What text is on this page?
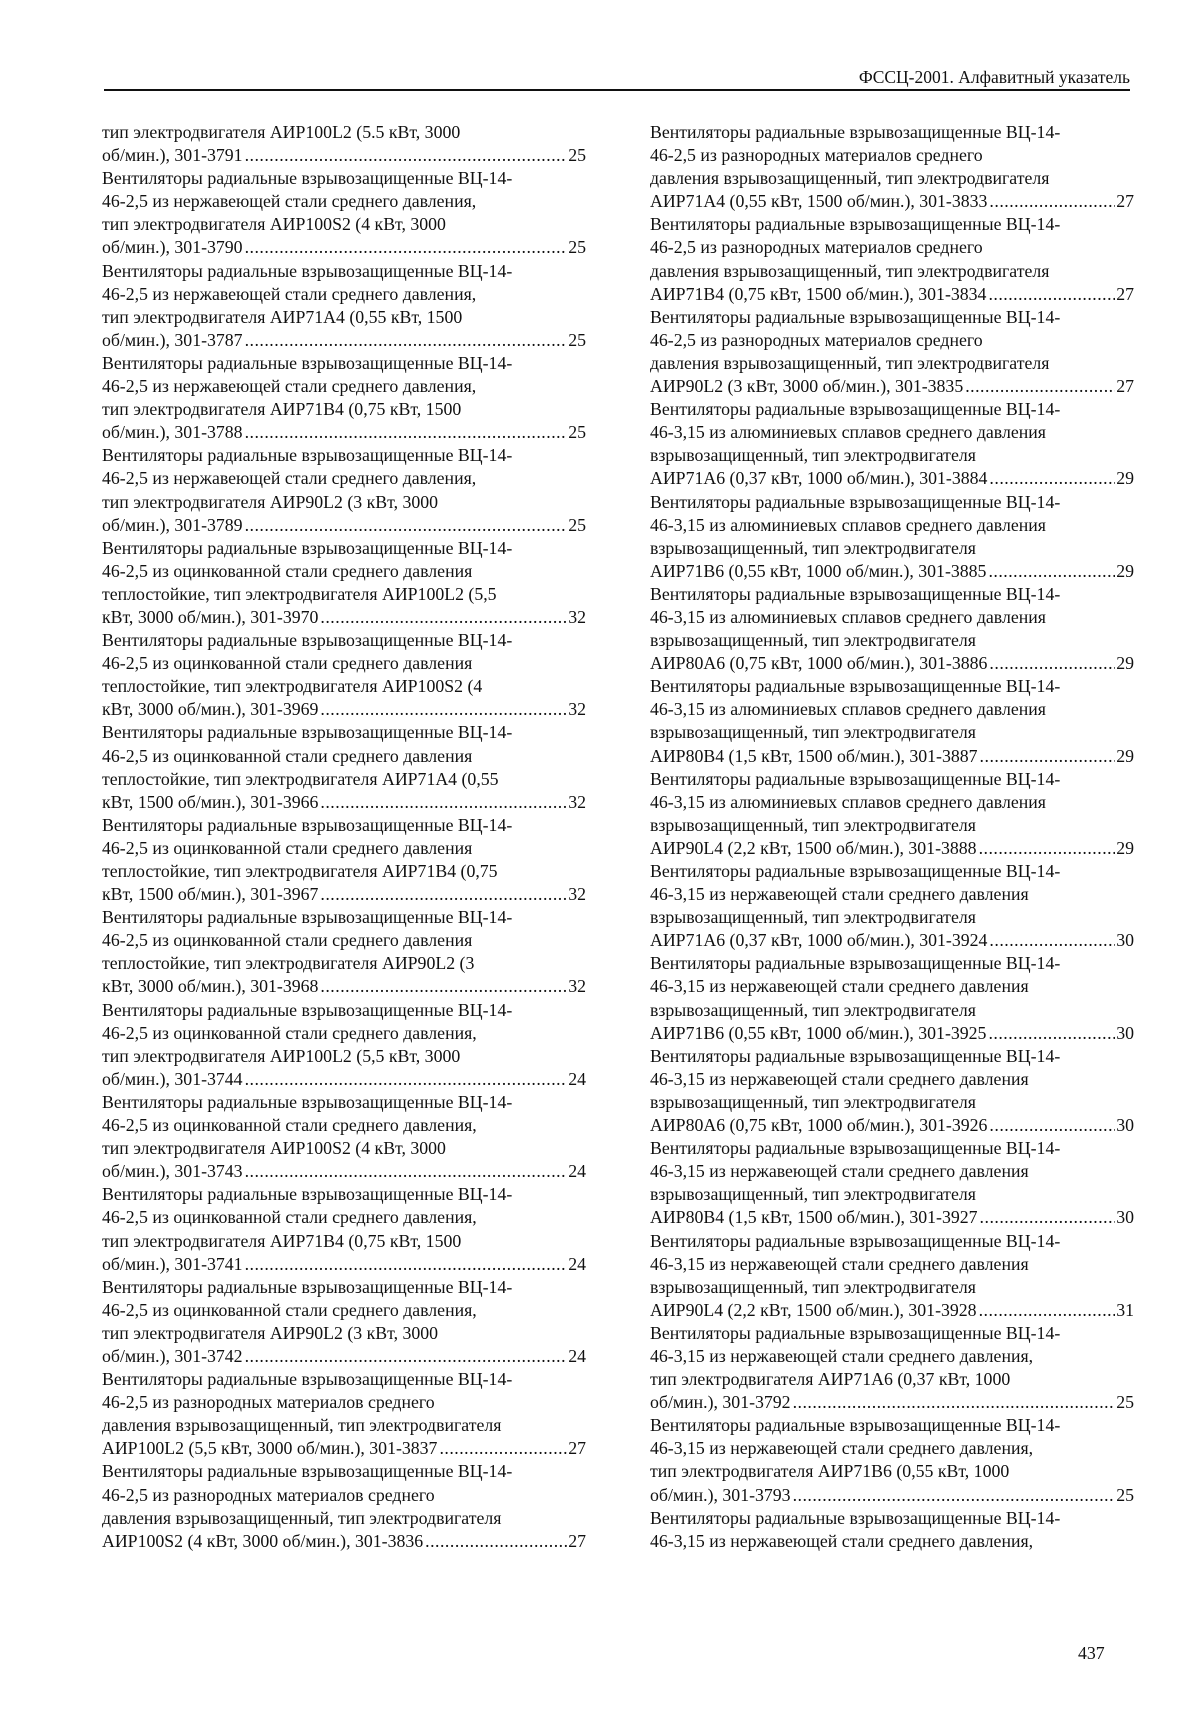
ФССЦ-2001. Алфавитный указатель
тип электродвигателя АИР100L2 (5.5 кВт, 3000
об/мин.), 301-3791 .....	25
Вентиляторы радиальные взрывозащищенные ВЦ-14-
46-2,5 из нержавеющей стали среднего давления,
тип электродвигателя АИР100S2 (4 кВт, 3000
об/мин.), 301-3790 .....	25
Вентиляторы радиальные взрывозащищенные ВЦ-14-
46-2,5 из нержавеющей стали среднего давления,
тип электродвигателя АИР71А4 (0,55 кВт, 1500
об/мин.), 301-3787 .....	25
Вентиляторы радиальные взрывозащищенные ВЦ-14-
46-2,5 из нержавеющей стали среднего давления,
тип электродвигателя АИР71В4 (0,75 кВт, 1500
об/мин.), 301-3788 .....	25
Вентиляторы радиальные взрывозащищенные ВЦ-14-
46-2,5 из нержавеющей стали среднего давления,
тип электродвигателя АИР90L2 (3 кВт, 3000
об/мин.), 301-3789 .....	25
Вентиляторы радиальные взрывозащищенные ВЦ-14-
46-2,5 из оцинкованной стали среднего давления
теплостойкие, тип электродвигателя АИР100L2 (5,5
кВт, 3000 об/мин.), 301-3970 .....	32
Вентиляторы радиальные взрывозащищенные ВЦ-14-
46-2,5 из оцинкованной стали среднего давления
теплостойкие, тип электродвигателя АИР100S2 (4
кВт, 3000 об/мин.), 301-3969 .....	32
Вентиляторы радиальные взрывозащищенные ВЦ-14-
46-2,5 из оцинкованной стали среднего давления
теплостойкие, тип электродвигателя АИР71А4 (0,55
кВт, 1500 об/мин.), 301-3966 .....	32
Вентиляторы радиальные взрывозащищенные ВЦ-14-
46-2,5 из оцинкованной стали среднего давления
теплостойкие, тип электродвигателя АИР71В4 (0,75
кВт, 1500 об/мин.), 301-3967 .....	32
Вентиляторы радиальные взрывозащищенные ВЦ-14-
46-2,5 из оцинкованной стали среднего давления
теплостойкие, тип электродвигателя АИР90L2 (3
кВт, 3000 об/мин.), 301-3968 .....	32
Вентиляторы радиальные взрывозащищенные ВЦ-14-
46-2,5 из оцинкованной стали среднего давления,
тип электродвигателя АИР100L2 (5,5 кВт, 3000
об/мин.), 301-3744 .....	24
Вентиляторы радиальные взрывозащищенные ВЦ-14-
46-2,5 из оцинкованной стали среднего давления,
тип электродвигателя АИР100S2 (4 кВт, 3000
об/мин.), 301-3743 .....	24
Вентиляторы радиальные взрывозащищенные ВЦ-14-
46-2,5 из оцинкованной стали среднего давления,
тип электродвигателя АИР71В4 (0,75 кВт, 1500
об/мин.), 301-3741 .....	24
Вентиляторы радиальные взрывозащищенные ВЦ-14-
46-2,5 из оцинкованной стали среднего давления,
тип электродвигателя АИР90L2 (3 кВт, 3000
об/мин.), 301-3742 .....	24
Вентиляторы радиальные взрывозащищенные ВЦ-14-
46-2,5 из разнородных материалов среднего
давления взрывозащищенный, тип электродвигателя
АИР100L2 (5,5 кВт, 3000 об/мин.), 301-3837 .....	27
Вентиляторы радиальные взрывозащищенные ВЦ-14-
46-2,5 из разнородных материалов среднего
давления взрывозащищенный, тип электродвигателя
АИР100S2 (4 кВт, 3000 об/мин.), 301-3836 .....	27
Вентиляторы радиальные взрывозащищенные ВЦ-14-
46-2,5 из разнородных материалов среднего
давления взрывозащищенный, тип электродвигателя
АИР71А4 (0,55 кВт, 1500 об/мин.), 301-3833 .....	27
Вентиляторы радиальные взрывозащищенные ВЦ-14-
46-2,5 из разнородных материалов среднего
давления взрывозащищенный, тип электродвигателя
АИР71В4 (0,75 кВт, 1500 об/мин.), 301-3834 .....	27
Вентиляторы радиальные взрывозащищенные ВЦ-14-
46-2,5 из разнородных материалов среднего
давления взрывозащищенный, тип электродвигателя
АИР90L2 (3 кВт, 3000 об/мин.), 301-3835 .....	27
Вентиляторы радиальные взрывозащищенные ВЦ-14-
46-3,15 из алюминиевых сплавов среднего давления
взрывозащищенный, тип электродвигателя
АИР71А6 (0,37 кВт, 1000 об/мин.), 301-3884 .....	29
Вентиляторы радиальные взрывозащищенные ВЦ-14-
46-3,15 из алюминиевых сплавов среднего давления
взрывозащищенный, тип электродвигателя
АИР71В6 (0,55 кВт, 1000 об/мин.), 301-3885 .....	29
Вентиляторы радиальные взрывозащищенные ВЦ-14-
46-3,15 из алюминиевых сплавов среднего давления
взрывозащищенный, тип электродвигателя
АИР80А6 (0,75 кВт, 1000 об/мин.), 301-3886 .....	29
Вентиляторы радиальные взрывозащищенные ВЦ-14-
46-3,15 из алюминиевых сплавов среднего давления
взрывозащищенный, тип электродвигателя
АИР80В4 (1,5 кВт, 1500 об/мин.), 301-3887 .....	29
Вентиляторы радиальные взрывозащищенные ВЦ-14-
46-3,15 из алюминиевых сплавов среднего давления
взрывозащищенный, тип электродвигателя
АИР90L4 (2,2 кВт, 1500 об/мин.), 301-3888 .....	29
Вентиляторы радиальные взрывозащищенные ВЦ-14-
46-3,15 из нержавеющей стали среднего давления
взрывозащищенный, тип электродвигателя
АИР71А6 (0,37 кВт, 1000 об/мин.), 301-3924 .....	30
Вентиляторы радиальные взрывозащищенные ВЦ-14-
46-3,15 из нержавеющей стали среднего давления
взрывозащищенный, тип электродвигателя
АИР71В6 (0,55 кВт, 1000 об/мин.), 301-3925 .....	30
Вентиляторы радиальные взрывозащищенные ВЦ-14-
46-3,15 из нержавеющей стали среднего давления
взрывозащищенный, тип электродвигателя
АИР80А6 (0,75 кВт, 1000 об/мин.), 301-3926 .....	30
Вентиляторы радиальные взрывозащищенные ВЦ-14-
46-3,15 из нержавеющей стали среднего давления
взрывозащищенный, тип электродвигателя
АИР80В4 (1,5 кВт, 1500 об/мин.), 301-3927 .....	30
Вентиляторы радиальные взрывозащищенные ВЦ-14-
46-3,15 из нержавеющей стали среднего давления
взрывозащищенный, тип электродвигателя
АИР90L4 (2,2 кВт, 1500 об/мин.), 301-3928 .....	31
Вентиляторы радиальные взрывозащищенные ВЦ-14-
46-3,15 из нержавеющей стали среднего давления,
тип электродвигателя АИР71А6 (0,37 кВт, 1000
об/мин.), 301-3792 .....	25
Вентиляторы радиальные взрывозащищенные ВЦ-14-
46-3,15 из нержавеющей стали среднего давления,
тип электродвигателя АИР71В6 (0,55 кВт, 1000
об/мин.), 301-3793 .....	25
Вентиляторы радиальные взрывозащищенные ВЦ-14-
46-3,15 из нержавеющей стали среднего давления,
437
